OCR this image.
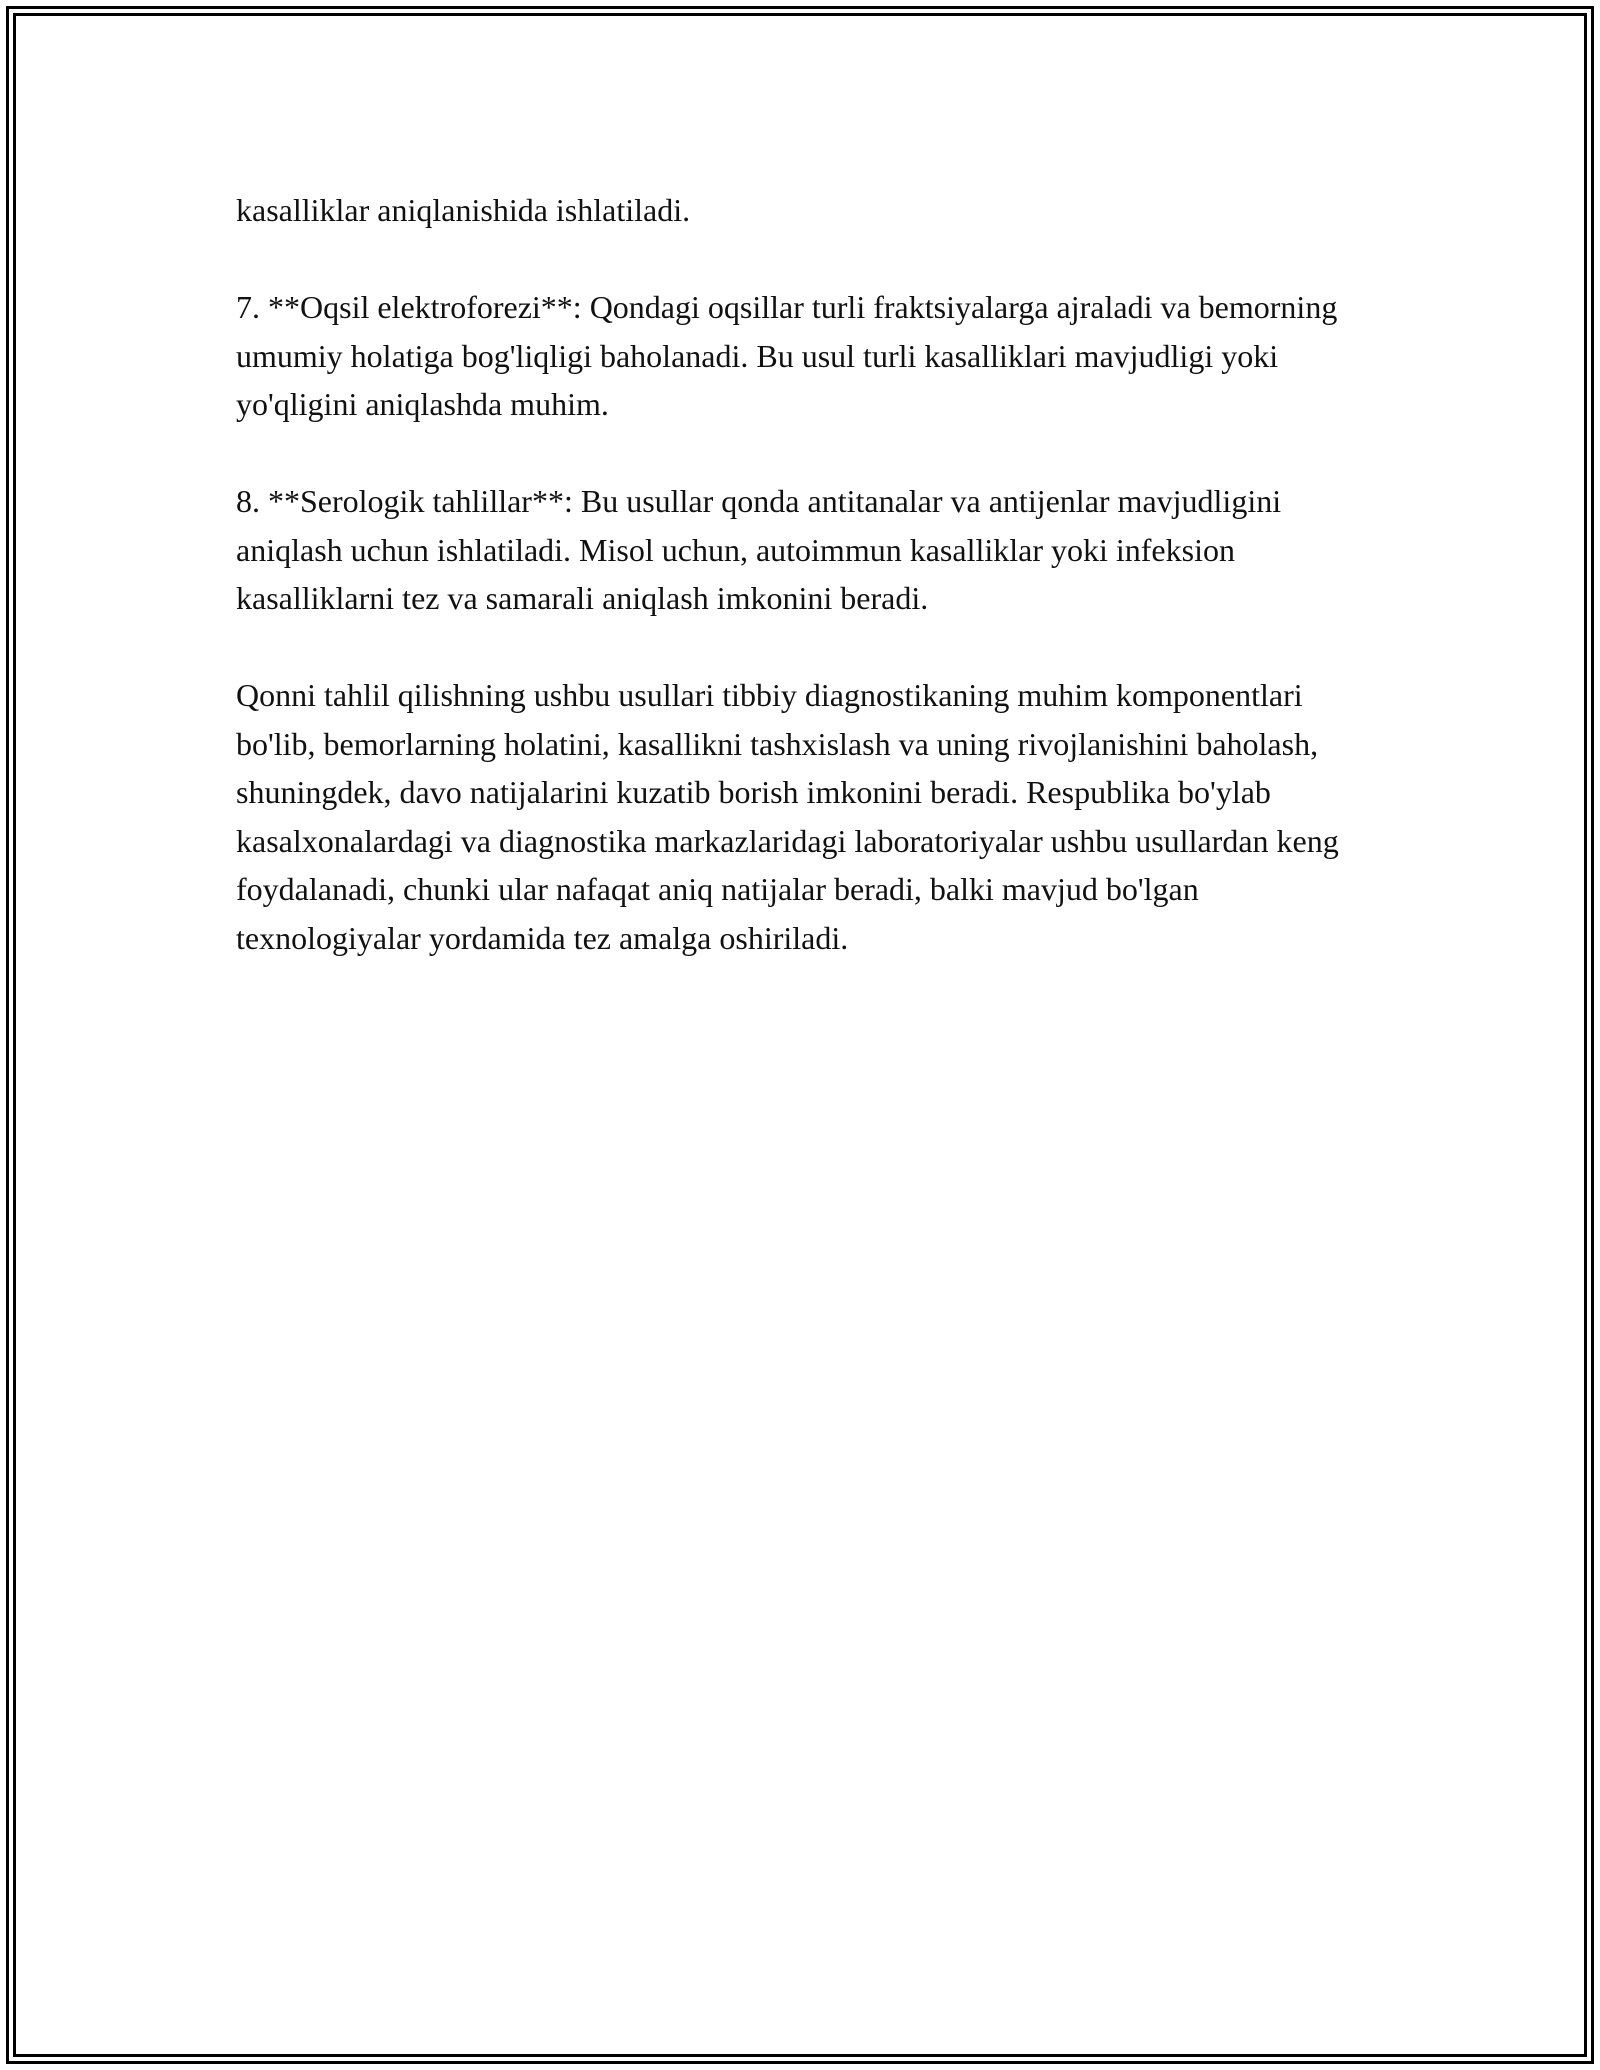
kasalliklar aniqlanishida ishlatiladi.

7. **Oqsil elektroforezi**: Qondagi oqsillar turli fraktsiyalarga ajraladi va bemorning umumiy holatiga bog'liqligi baholanadi. Bu usul turli kasalliklari mavjudligi yoki yo'qligini aniqlashda muhim.

8. **Serologik tahlillar**: Bu usullar qonda antitanalar va antijenlar mavjudligini aniqlash uchun ishlatiladi. Misol uchun, autoimmun kasalliklar yoki infeksion kasalliklarni tez va samarali aniqlash imkonini beradi.

Qonni tahlil qilishning ushbu usullari tibbiy diagnostikaning muhim komponentlari bo'lib, bemorlarning holatini, kasallikni tashxislash va uning rivojlanishini baholash, shuningdek, davo natijalarini kuzatib borish imkonini beradi. Respublika bo'ylab kasalxonalardagi va diagnostika markazlaridagi laboratoriyalar ushbu usullardan keng foydalanadi, chunki ular nafaqat aniq natijalar beradi, balki mavjud bo'lgan texnologiyalar yordamida tez amalga oshiriladi.
